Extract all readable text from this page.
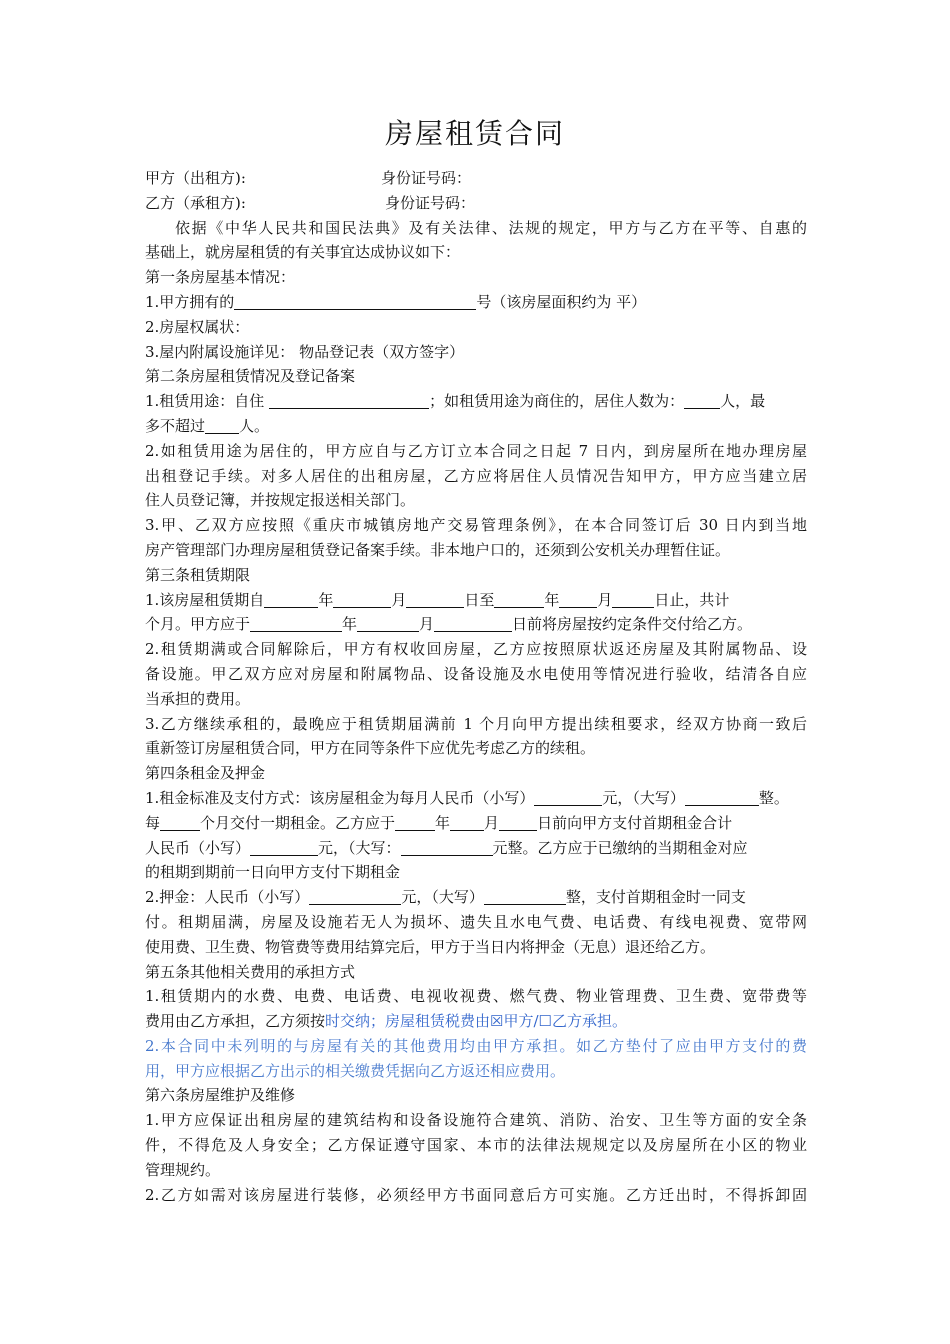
房屋租赁合同
甲方（出租方):	身份证号码：
乙方（承租方):	身份证号码：
依据《中华人民共和国民法典》及有关法律、法规的规定，甲方与乙方在平等、自惠的
基础上，就房屋租赁的有关事宜达成协议如下：
第一条房屋基本情况：
1.甲方拥有的	号（该房屋面积约为 平）
2.房屋权属状：
3.屋内附属设施详见： 物品登记表（双方签字）
第二条房屋租赁情况及登记备案
1.租赁用途：自住	；如租赁用途为商住的，居住人数为： 人，最
多不超过 人。
2.如租赁用途为居住的，甲方应自与乙方订立本合同之日起 7 日内，到房屋所在地办理房屋
出租登记手续。对多人居住的出租房屋，乙方应将居住人员情况告知甲方，甲方应当建立居
住人员登记簿，并按规定报送相关部门。
3.甲、乙双方应按照《重庆市城镇房地产交易管理条例》，在本合同签订后 30 日内到当地
房产管理部门办理房屋租赁登记备案手续。非本地户口的，还须到公安机关办理暂住证。
第三条租赁期限
1.该房屋租赁期自	年	月	日至	年	月	日止，共计
个月。甲方应于	年	月	日前将房屋按约定条件交付给乙方。
2.租赁期满或合同解除后，甲方有权收回房屋，乙方应按照原状返还房屋及其附属物品、设
备设施。甲乙双方应对房屋和附属物品、设备设施及水电使用等情况进行验收，结清各自应
当承担的费用。
3.乙方继续承租的，最晚应于租赁期届满前 1 个月向甲方提出续租要求，经双方协商一致后
重新签订房屋租赁合同，甲方在同等条件下应优先考虑乙方的续租。
第四条租金及押金
1.租金标准及支付方式：该房屋租金为每月人民币（小写）	元，（大写）	整。
每	个月交付一期租金。乙方应于	年 月	日前向甲方支付首期租金合计
人民币（小写）	元，（大写：	元整。乙方应于已缴纳的当期租金对应
的租期到期前一日向甲方支付下期租金
2.押金：人民币（小写）	元，（大写）	整，支付首期租金时一同支
付。租期届满，房屋及设施若无人为损坏、遗失且水电气费、电话费、有线电视费、宽带网
使用费、卫生费、物管费等费用结算完后，甲方于当日内将押金（无息）退还给乙方。
第五条其他相关费用的承担方式
1.租赁期内的水费、电费、电话费、电视收视费、燃气费、物业管理费、卫生费、宽带费等
费用由乙方承担，乙方须按时交纳；房屋租赁税费由☒甲方/☐乙方承担。
2.本合同中未列明的与房屋有关的其他费用均由甲方承担。如乙方垫付了应由甲方支付的费
用，甲方应根据乙方出示的相关缴费凭据向乙方返还相应费用。
第六条房屋维护及维修
1.甲方应保证出租房屋的建筑结构和设备设施符合建筑、消防、治安、卫生等方面的安全条
件，不得危及人身安全；乙方保证遵守国家、本市的法律法规规定以及房屋所在小区的物业
管理规约。
2.乙方如需对该房屋进行装修，必须经甲方书面同意后方可实施。乙方迁出时，不得拆卸固
